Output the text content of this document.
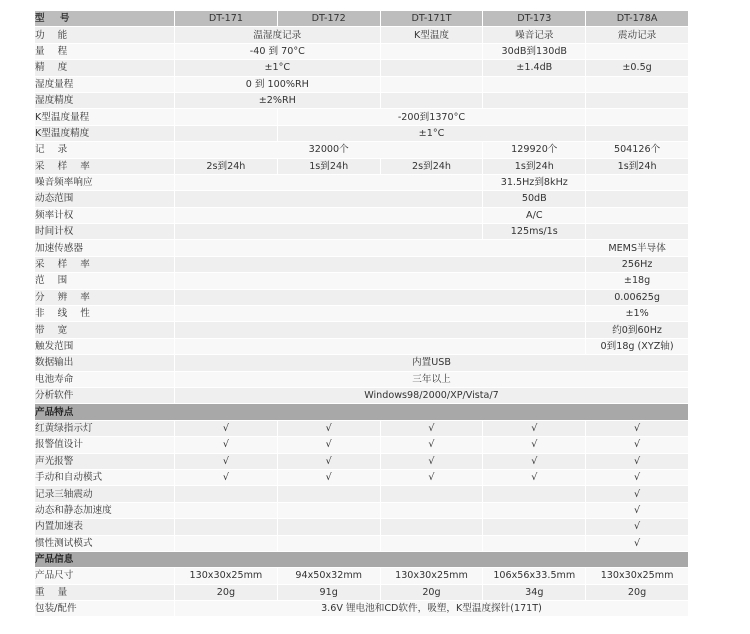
型 号	DT-171	DT-172	DT-171T	DT-173	DT-178A
功 能	温湿度记录		K型温度	噪音记录	震动记录
量 程	-40 到 70°C			30dB到130dB	
精 度	±1°C			±1.4dB	±0.5g
湿度量程	0 到 100%RH				
湿度精度	±2%RH				
K型温度量程		-200到1370°C			
K型温度精度		±1°C			
记 录	32000个			129920个	504126个
采 样 率	2s到24h	1s到24h	2s到24h	1s到24h	1s到24h
噪音频率响应				31.5Hz到8kHz	
动态范围				50dB	
频率计权				A/C	
时间计权				125ms/1s	
加速传感器					MEMS半导体
采 样 率					256Hz
范 围					±18g
分 辨 率					0.00625g
非 线 性					±1%
带 宽					约0到60Hz
触发范围					0到18g (XYZ轴)
数据输出	内置USB				
电池寿命	三年以上				
分析软件	Windows98/2000/XP/Vista/7				
产品特点					
红黄绿指示灯	√	√	√	√	√
报警值设计	√	√	√	√	√
声光报警	√	√	√	√	√
手动和自动模式	√	√	√	√	√
记录三轴震动					√
动态和静态加速度					√
内置加速表					√
惯性测试模式					√
产品信息					
产品尺寸	130x30x25mm	94x50x32mm	130x30x25mm	106x56x33.5mm	130x30x25mm
重 量	20g	91g	20g	34g	20g
包装/配件	3.6V 锂电池和CD软件，吸塑，K型温度探针(171T)				
